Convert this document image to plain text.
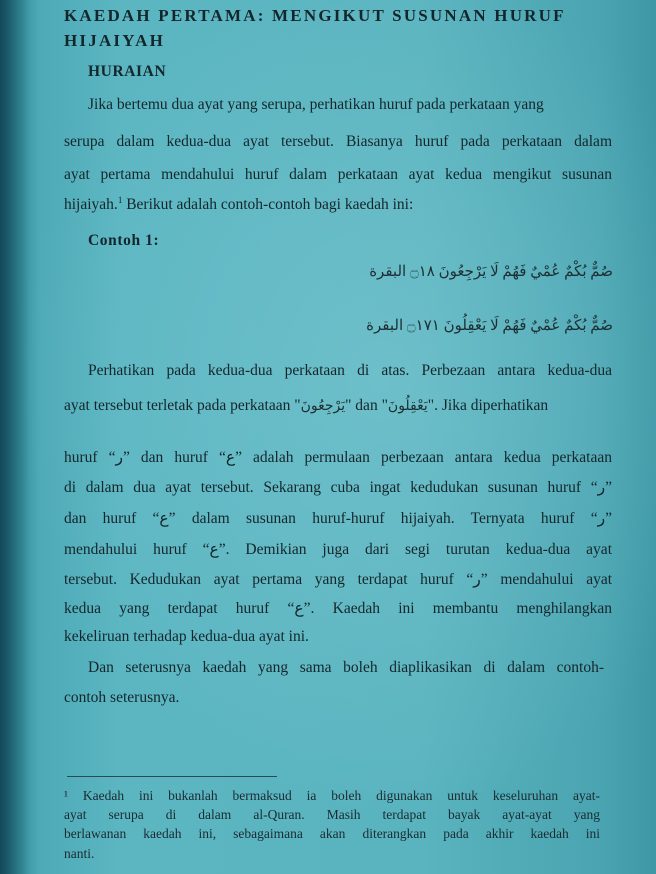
KAEDAH PERTAMA: MENGIKUT SUSUNAN HURUF
HIJAIYAH
HURAIAN
Jika bertemu dua ayat yang serupa, perhatikan huruf pada perkataan yang
serupa dalam kedua-dua ayat tersebut. Biasanya huruf pada perkataan dalam
ayat pertama mendahului huruf dalam perkataan ayat kedua mengikut susunan
hijaiyah.$^1$ Berikut adalah contoh-contoh bagi kaedah ini:
Contoh 1:
صُمٌّ بُكْمٌ عُمْيٌ فَهُمْ لَا يَرْجِعُونَ ۝١٨ البقرة
صُمٌّ بُكْمٌ عُمْيٌ فَهُمْ لَا يَعْقِلُونَ ۝١٧١ البقرة
Perhatikan pada kedua-dua perkataan di atas. Perbezaan antara kedua-dua
ayat tersebut terletak pada perkataan "يَرْجِعُونَ" dan "يَعْقِلُونَ". Jika diperhatikan
huruf “ر” dan huruf “ع” adalah permulaan perbezaan antara kedua perkataan
di dalam dua ayat tersebut. Sekarang cuba ingat kedudukan susunan huruf “ر”
dan huruf “ع” dalam susunan huruf-huruf hijaiyah. Ternyata huruf “ر”
mendahului huruf “ع”. Demikian juga dari segi turutan kedua-dua ayat
tersebut. Kedudukan ayat pertama yang terdapat huruf “ر” mendahului ayat
kedua yang terdapat huruf “ع”. Kaedah ini membantu menghilangkan
kekeliruan terhadap kedua-dua ayat ini.
Dan seterusnya kaedah yang sama boleh diaplikasikan di dalam contoh-
contoh seterusnya.
¹ Kaedah ini bukanlah bermaksud ia boleh digunakan untuk keseluruhan ayat-
ayat serupa di dalam al-Quran. Masih terdapat bayak ayat-ayat yang
berlawanan kaedah ini, sebagaimana akan diterangkan pada akhir kaedah ini
nanti.
